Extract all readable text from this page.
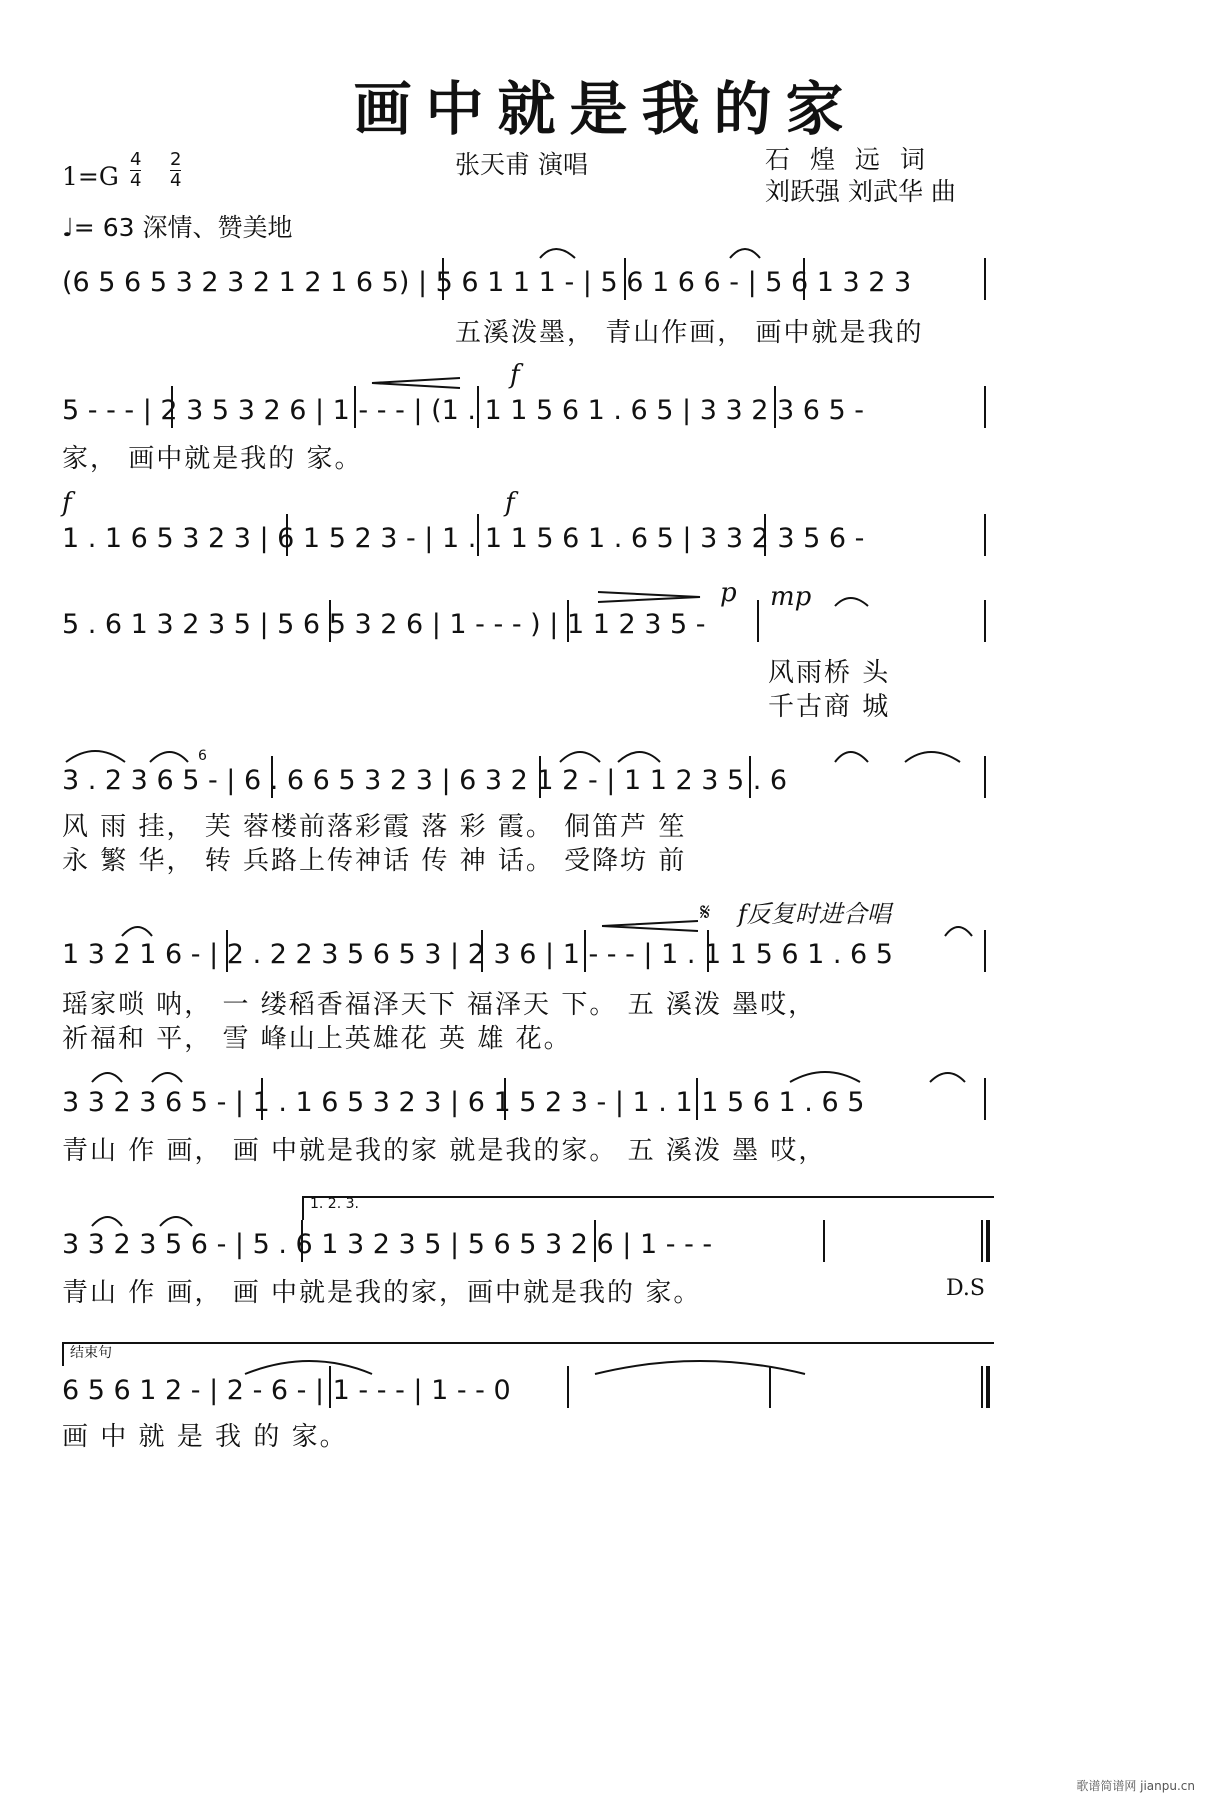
画中就是我的家
1=G
4
4
2
4
张天甫 演唱	石 煌 远 词
刘跃强 刘武华 曲
♩= 63 深情、赞美地
(6 5 6 5 3 2 3 2 1 2 1 6 5) | 5 6 1 1 1 - | 5 6 1 6 6 - | 5 6 1 3 2 3
五溪泼墨， 青山作画， 画中就是我的
f
5 - - - | 2 3 5 3 2 6 | 1 - - - | (1 . 1 1 5 6 1 . 6 5 | 3 3 2 3 6 5 -
家， 画中就是我的 家。
f	f
1 . 1 6 5 3 2 3 | 6 1 5 2 3 - | 1 . 1 1 5 6 1 . 6 5 | 3 3 2 3 5 6 -
p mp
5 . 6 1 3 2 3 5 | 5 6 5 3 2 6 | 1 - - - ) | 1 1 2 3 5 -
风雨桥 头
千古商 城
6
3 . 2 3 6 5 - | 6 . 6 6 5 3 2 3 | 6 3 2 1 2 - | 1 1 2 3 5 . 6
风 雨 挂， 芙 蓉楼前落彩霞 落 彩 霞。 侗笛芦 笙
永 繁 华， 转 兵路上传神话 传 神 话。 受降坊 前
𝄋 f反复时进合唱
1 3 2 1 6 - | 2 . 2 2 3 5 6 5 3 | 2 3 6 | 1 - - - | 1 . 1 1 5 6 1 . 6 5
瑶家唢 呐， 一 缕稻香福泽天下 福泽天 下。 五 溪泼 墨哎，
祈福和 平， 雪 峰山上英雄花 英 雄 花。
3 3 2 3 6 5 - | 1 . 1 6 5 3 2 3 | 6 1 5 2 3 - | 1 . 1 1 5 6 1 . 6 5
青山 作 画， 画 中就是我的家 就是我的家。 五 溪泼 墨 哎，
1. 2. 3.
3 3 2 3 5 6 - | 5 . 6 1 3 2 3 5 | 5 6 5 3 2 6 | 1 - - -
青山 作 画， 画 中就是我的家，画中就是我的 家。	D.S
结束句
6 5 6 1 2 - | 2 - 6 - | 1 - - - | 1 - - 0
画 中 就 是 我 的 家。
歌谱简谱网 jianpu.cn
